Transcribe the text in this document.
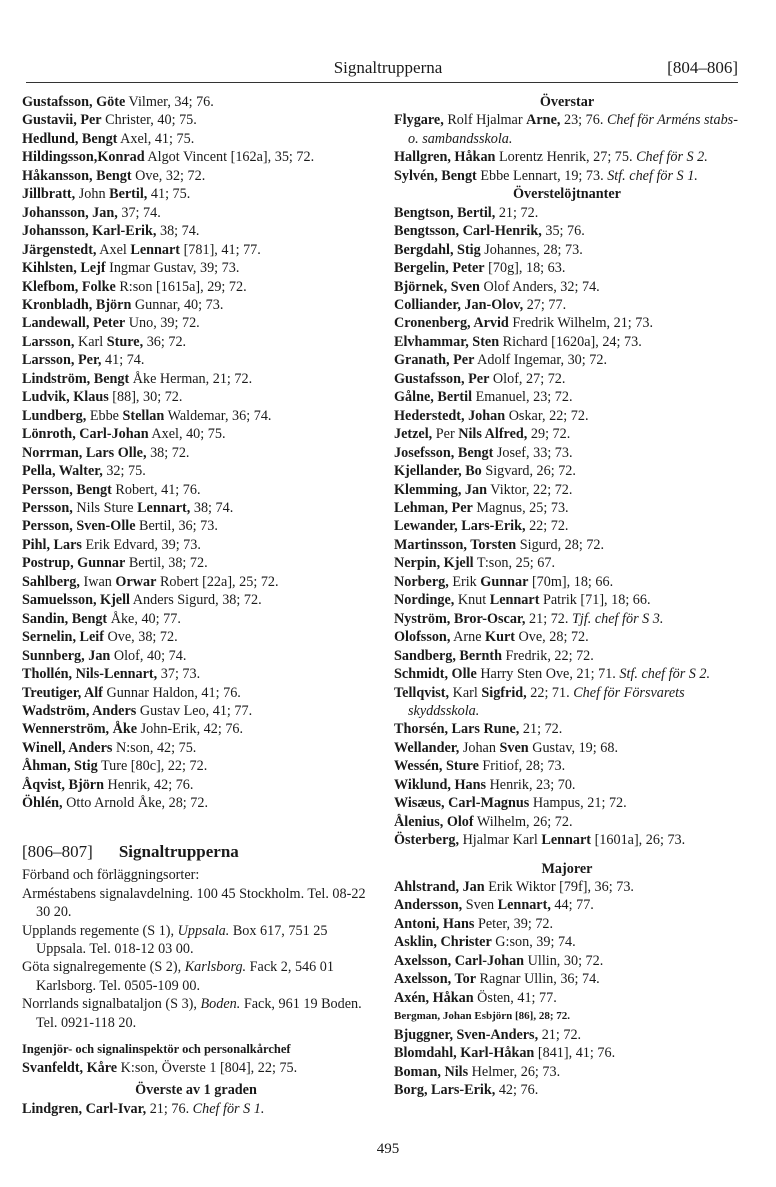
Signaltrupperna	[804–806]
Gustafsson, Göte Vilmer, 34; 76.
Gustavii, Per Christer, 40; 75.
Hedlund, Bengt Axel, 41; 75.
Hildingsson,Konrad Algot Vincent [162a], 35; 72.
Håkansson, Bengt Ove, 32; 72.
Jillbratt, John Bertil, 41; 75.
Johansson, Jan, 37; 74.
Johansson, Karl-Erik, 38; 74.
Järgenstedt, Axel Lennart [781], 41; 77.
Kihlsten, Lejf Ingmar Gustav, 39; 73.
Klefbom, Folke R:son [1615a], 29; 72.
Kronbladh, Björn Gunnar, 40; 73.
Landewall, Peter Uno, 39; 72.
Larsson, Karl Sture, 36; 72.
Larsson, Per, 41; 74.
Lindström, Bengt Åke Herman, 21; 72.
Ludvik, Klaus [88], 30; 72.
Lundberg, Ebbe Stellan Waldemar, 36; 74.
Lönroth, Carl-Johan Axel, 40; 75.
Norrman, Lars Olle, 38; 72.
Pella, Walter, 32; 75.
Persson, Bengt Robert, 41; 76.
Persson, Nils Sture Lennart, 38; 74.
Persson, Sven-Olle Bertil, 36; 73.
Pihl, Lars Erik Edvard, 39; 73.
Postrup, Gunnar Bertil, 38; 72.
Sahlberg, Iwan Orwar Robert [22a], 25; 72.
Samuelsson, Kjell Anders Sigurd, 38; 72.
Sandin, Bengt Åke, 40; 77.
Sernelin, Leif Ove, 38; 72.
Sunnberg, Jan Olof, 40; 74.
Thollén, Nils-Lennart, 37; 73.
Treutiger, Alf Gunnar Haldon, 41; 76.
Wadström, Anders Gustav Leo, 41; 77.
Wennerström, Åke John-Erik, 42; 76.
Winell, Anders N:son, 42; 75.
Åhman, Stig Ture [80c], 22; 72.
Åqvist, Björn Henrik, 42; 76.
Öhlén, Otto Arnold Åke, 28; 72.
[806–807] Signaltrupperna
Förband och förläggningsorter:
Arméstabens signalavdelning. 100 45 Stockholm. Tel. 08-22 30 20.
Upplands regemente (S 1), Uppsala. Box 617, 751 25 Uppsala. Tel. 018-12 03 00.
Göta signalregemente (S 2), Karlsborg. Fack 2, 546 01 Karlsborg. Tel. 0505-109 00.
Norrlands signalbataljon (S 3), Boden. Fack, 961 19 Boden. Tel. 0921-118 20.
Ingenjör- och signalinspektör och personalkårchef
Svanfeldt, Kåre K:son, Överste 1 [804], 22; 75.
Överste av 1 graden
Lindgren, Carl-Ivar, 21; 76. Chef för S 1.
Överstar
Flygare, Rolf Hjalmar Arne, 23; 76. Chef för Arméns stabs- o. sambandsskola.
Hallgren, Håkan Lorentz Henrik, 27; 75. Chef för S 2.
Sylvén, Bengt Ebbe Lennart, 19; 73. Stf. chef för S 1.
Överstelöjtnanter
Bengtson, Bertil, 21; 72.
Bengtsson, Carl-Henrik, 35; 76.
Bergdahl, Stig Johannes, 28; 73.
Bergelin, Peter [70g], 18; 63.
Björnek, Sven Olof Anders, 32; 74.
Colliander, Jan-Olov, 27; 77.
Cronenberg, Arvid Fredrik Wilhelm, 21; 73.
Elvhammar, Sten Richard [1620a], 24; 73.
Granath, Per Adolf Ingemar, 30; 72.
Gustafsson, Per Olof, 27; 72.
Gålne, Bertil Emanuel, 23; 72.
Hederstedt, Johan Oskar, 22; 72.
Jetzel, Per Nils Alfred, 29; 72.
Josefsson, Bengt Josef, 33; 73.
Kjellander, Bo Sigvard, 26; 72.
Klemming, Jan Viktor, 22; 72.
Lehman, Per Magnus, 25; 73.
Lewander, Lars-Erik, 22; 72.
Martinsson, Torsten Sigurd, 28; 72.
Nerpin, Kjell T:son, 25; 67.
Norberg, Erik Gunnar [70m], 18; 66.
Nordinge, Knut Lennart Patrik [71], 18; 66.
Nyström, Bror-Oscar, 21; 72. Tjf. chef för S 3.
Olofsson, Arne Kurt Ove, 28; 72.
Sandberg, Bernth Fredrik, 22; 72.
Schmidt, Olle Harry Sten Ove, 21; 71. Stf. chef för S 2.
Tellqvist, Karl Sigfrid, 22; 71. Chef för Försvarets skyddsskola.
Thorsén, Lars Rune, 21; 72.
Wellander, Johan Sven Gustav, 19; 68.
Wessén, Sture Fritiof, 28; 73.
Wiklund, Hans Henrik, 23; 70.
Wisæus, Carl-Magnus Hampus, 21; 72.
Ålenius, Olof Wilhelm, 26; 72.
Österberg, Hjalmar Karl Lennart [1601a], 26; 73.
Majorer
Ahlstrand, Jan Erik Wiktor [79f], 36; 73.
Andersson, Sven Lennart, 44; 77.
Antoni, Hans Peter, 39; 72.
Asklin, Christer G:son, 39; 74.
Axelsson, Carl-Johan Ullin, 30; 72.
Axelsson, Tor Ragnar Ullin, 36; 74.
Axén, Håkan Östen, 41; 77.
Bergman, Johan Esbjörn [86], 28; 72.
Bjuggner, Sven-Anders, 21; 72.
Blomdahl, Karl-Håkan [841], 41; 76.
Boman, Nils Helmer, 26; 73.
Borg, Lars-Erik, 42; 76.
495
